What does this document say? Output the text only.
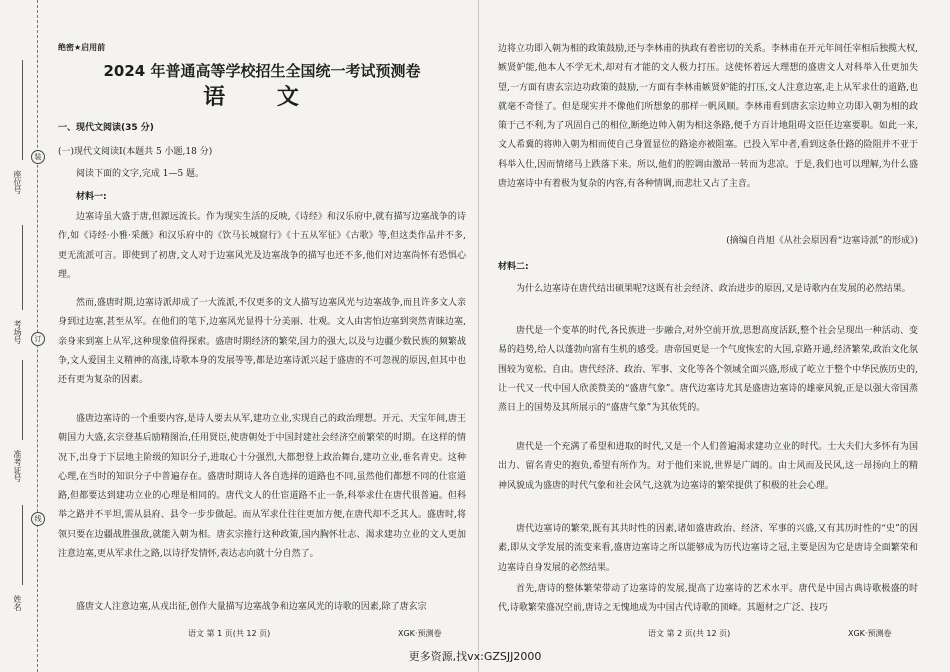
座位号
考场号
准考证号
姓名
装
订
线
绝密★启用前
2024 年普通高等学校招生全国统一考试预测卷
语 文
一、现代文阅读(35 分)
(一)现代文阅读Ⅰ(本题共 5 小题,18 分)
阅读下面的文字,完成 1—5 题。
材料一:

边塞诗虽大盛于唐,但源远流长。作为现实生活的反映,《诗经》和汉乐府中,就有描写边塞战争的诗作,如《诗经·小雅·采薇》和汉乐府中的《饮马长城窟行》《十五从军征》《古歌》等,但这类作品并不多,更无流派可言。即使到了初唐,文人对于边塞风光及边塞战争的描写也还不多,他们对边塞尚怀有恐惧心理。

然而,盛唐时期,边塞诗派却成了一大流派,不仅更多的文人描写边塞风光与边塞战争,而且许多文人亲身到过边塞,甚至从军。在他们的笔下,边塞风光显得十分美丽、壮观。文人由害怕边塞到突然青睐边塞,亲身来到塞上从军,这种现象值得探索。盛唐时期经济的繁荣,国力的强大,以及与边疆少数民族的频繁战争,文人爱国主义精神的高涨,诗歌本身的发展等等,都是边塞诗派兴起于盛唐的不可忽视的原因,但其中也还有更为复杂的因素。

盛唐边塞诗的一个重要内容,是诗人要去从军,建功立业,实现自己的政治理想。开元、天宝年间,唐王朝国力大盛,玄宗登基后励精图治,任用贤臣,使唐朝处于中国封建社会经济空前繁荣的时期。在这样的情况下,出身于下层地主阶级的知识分子,进取心十分强烈,大都想登上政治舞台,建功立业,垂名青史。这种心理,在当时的知识分子中普遍存在。盛唐时期诗人各自选择的道路也不同,虽然他们都想不同的仕宦道路,但都要达到建功立业的心理是相同的。唐代文人的仕宦道路不止一条,科举求仕在唐代很普遍。但科举之路并不平坦,需从县府、县令一步步做起。而从军求仕往往更加方便,在唐代却不乏其人。盛唐时,将领只要在边疆战胜强敌,就能入朝为相。唐玄宗推行这种政策,国内胸怀壮志、渴求建功立业的文人更加注意边塞,更从军求仕之路,以诗抒发情怀,表达志向就十分自然了。

盛唐文人注意边塞,从戎出征,创作大量描写边塞战争和边塞风光的诗歌的因素,除了唐玄宗

语文 第 1 页(共 12 页)	XGK·预测卷

边将立功即入朝为相的政策鼓励,还与李林甫的执政有着密切的关系。李林甫在开元年间任宰相后独揽大权,嫉贤妒能,他本人不学无术,却对有才能的文人极力打压。这使怀着远大理想的盛唐文人对科举入仕更加失望,一方面有唐玄宗边功政策的鼓励,一方面有李林甫嫉贤妒能的打压,文人注意边塞,走上从军求仕的道路,也就毫不奇怪了。但是现实并不像他们所想象的那样一帆风顺。李林甫看到唐玄宗边帅立功即入朝为相的政策于己不利,为了巩固自己的相位,断绝边帅入朝为相这条路,便千方百计地阻碍文臣任边塞要职。如此一来,文人希冀的将帅入朝为相而使自己身置显位的路途亦被阻塞。已投入军中者,看到这条仕路的险阻并不亚于科举入仕,因而情绪马上跌落下来。所以,他们的腔调由激昂一转而为悲凉。于是,我们也可以理解,为什么盛唐边塞诗中有着极为复杂的内容,有各种情调,而悲壮又占了主音。

(摘编自肖旭《从社会原因看“边塞诗派”的形成》)
材料二:

为什么边塞诗在唐代结出硕果呢?这既有社会经济、政治进步的原因,又是诗歌内在发展的必然结果。

唐代是一个变革的时代,各民族进一步融合,对外空前开放,思想高度活跃,整个社会呈现出一种活动、变易的趋势,给人以蓬勃向富有生机的感受。唐帝国更是一个气度恢宏的大国,京路开通,经济繁荣,政治文化氛围较为宽松、自由。唐代经济、政治、军事、文化等各个领域全面兴盛,形成了屹立于整个中华民族历史的,让一代又一代中国人欣羡赞美的“盛唐气象”。唐代边塞诗尤其是盛唐边塞诗的雄豪风貌,正是以强大帝国蒸蒸日上的国势及其所展示的“盛唐气象”为其依凭的。

唐代是一个充满了希望和进取的时代,又是一个人们普遍渴求建功立业的时代。士大夫们大多怀有为国出力、留名青史的抱负,希望有所作为。对于他们来说,世界是广阔的。由士风而及民风,这一昂扬向上的精神风貌成为盛唐的时代气象和社会风气,这就为边塞诗的繁荣提供了积极的社会心理。

唐代边塞诗的繁荣,既有其共时性的因素,诸如盛唐政治、经济、军事的兴盛,又有其历时性的“史”的因素,即从文学发展的流变来看,盛唐边塞诗之所以能够成为历代边塞诗之冠,主要是因为它是唐诗全面繁荣和边塞诗自身发展的必然结果。

首先,唐诗的整体繁荣带动了边塞诗的发展,提高了边塞诗的艺术水平。唐代是中国古典诗歌极盛的时代,诗歌繁荣盛况空前,唐诗之无愧地成为中国古代诗歌的顶峰。其题材之广泛、技巧

语文 第 2 页(共 12 页)	XGK·预测卷
更多资源,找vx:GZSJJ2000
